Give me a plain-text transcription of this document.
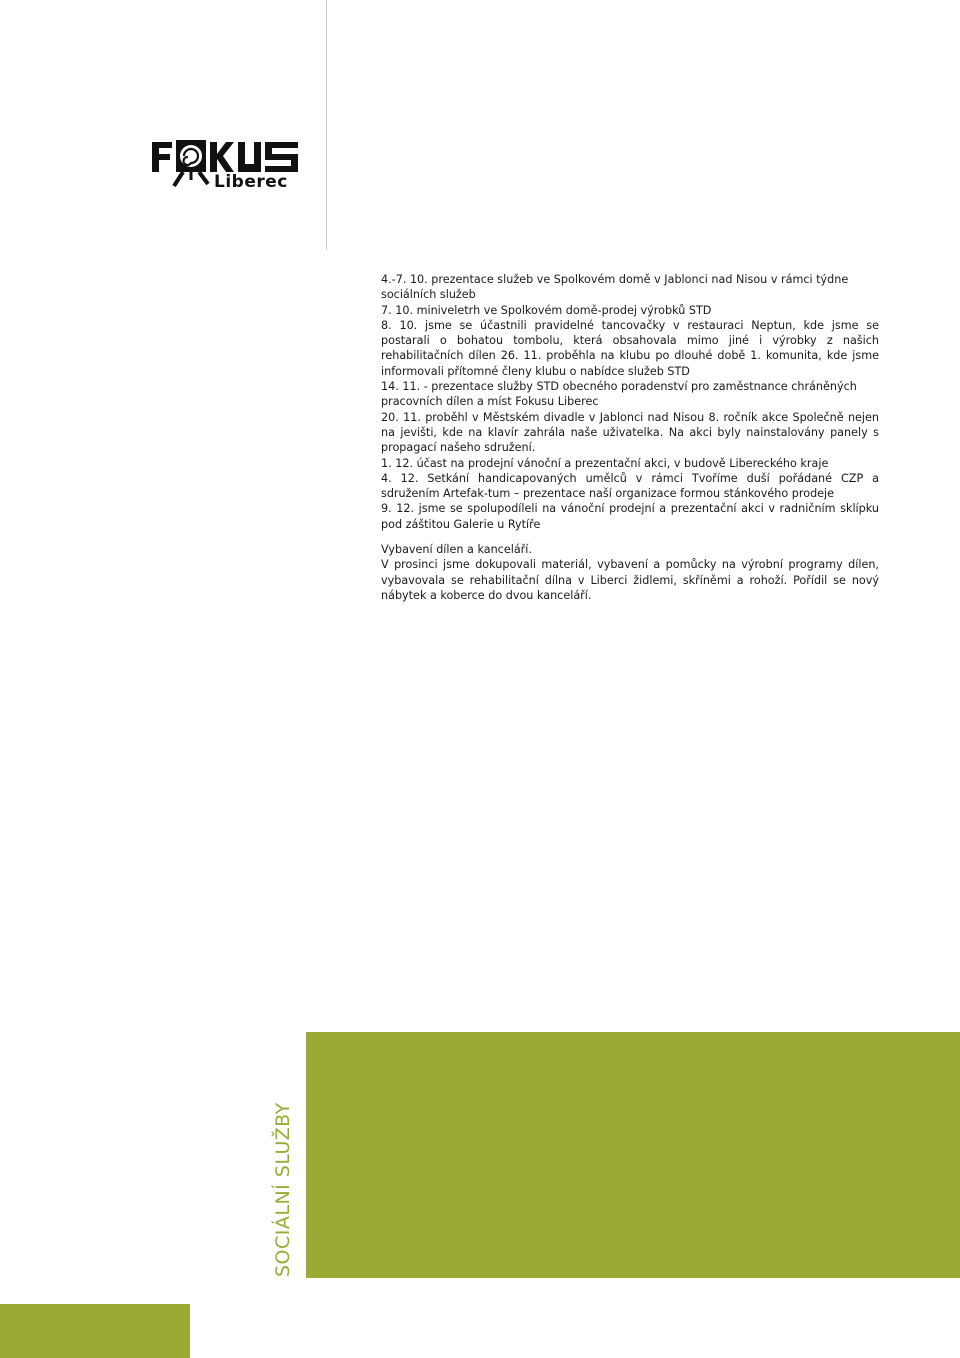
Liberec

4.-7. 10. prezentace služeb ve Spolkovém domě v Jablonci nad Nisou v rámci týdne sociálních služeb

7. 10. miniveletrh ve Spolkovém domě-prodej výrobků STD

8. 10. jsme se účastnili pravidelné tancovačky v restauraci Neptun, kde jsme se postarali o bohatou tombolu, která obsahovala mimo jiné i výrobky z našich rehabilitačních dílen 26. 11. proběhla na klubu po dlouhé době 1. komunita, kde jsme informovali přítomné členy klubu o nabídce služeb STD

14. 11. - prezentace služby STD obecného poradenství pro zaměstnance chráněných pracovních dílen a míst Fokusu Liberec

20. 11. proběhl v Městském divadle v Jablonci nad Nisou 8. ročník akce Společně nejen na jevišti, kde na klavír zahrála naše uživatelka. Na akci byly nainstalovány panely s propagací našeho sdružení.

1. 12. účast na prodejní vánoční a prezentační akci, v budově Libereckého kraje

4. 12. Setkání handicapovaných umělců v rámci Tvoříme duší pořádané CZP a sdružením Artefak-tum – prezentace naší organizace formou stánkového prodeje

9. 12. jsme se spolupodíleli na vánoční prodejní a prezentační akci v radničním sklípku pod záštitou Galerie u Rytíře

Vybavení dílen a kanceláří.

V prosinci jsme dokupovali materiál, vybavení a pomůcky na výrobní programy dílen, vybavovala se rehabilitační dílna v Liberci židlemi, skříněmi a rohoží. Pořídil se nový nábytek a koberce do dvou kanceláří.

SOCIÁLNÍ SLUŽBY
